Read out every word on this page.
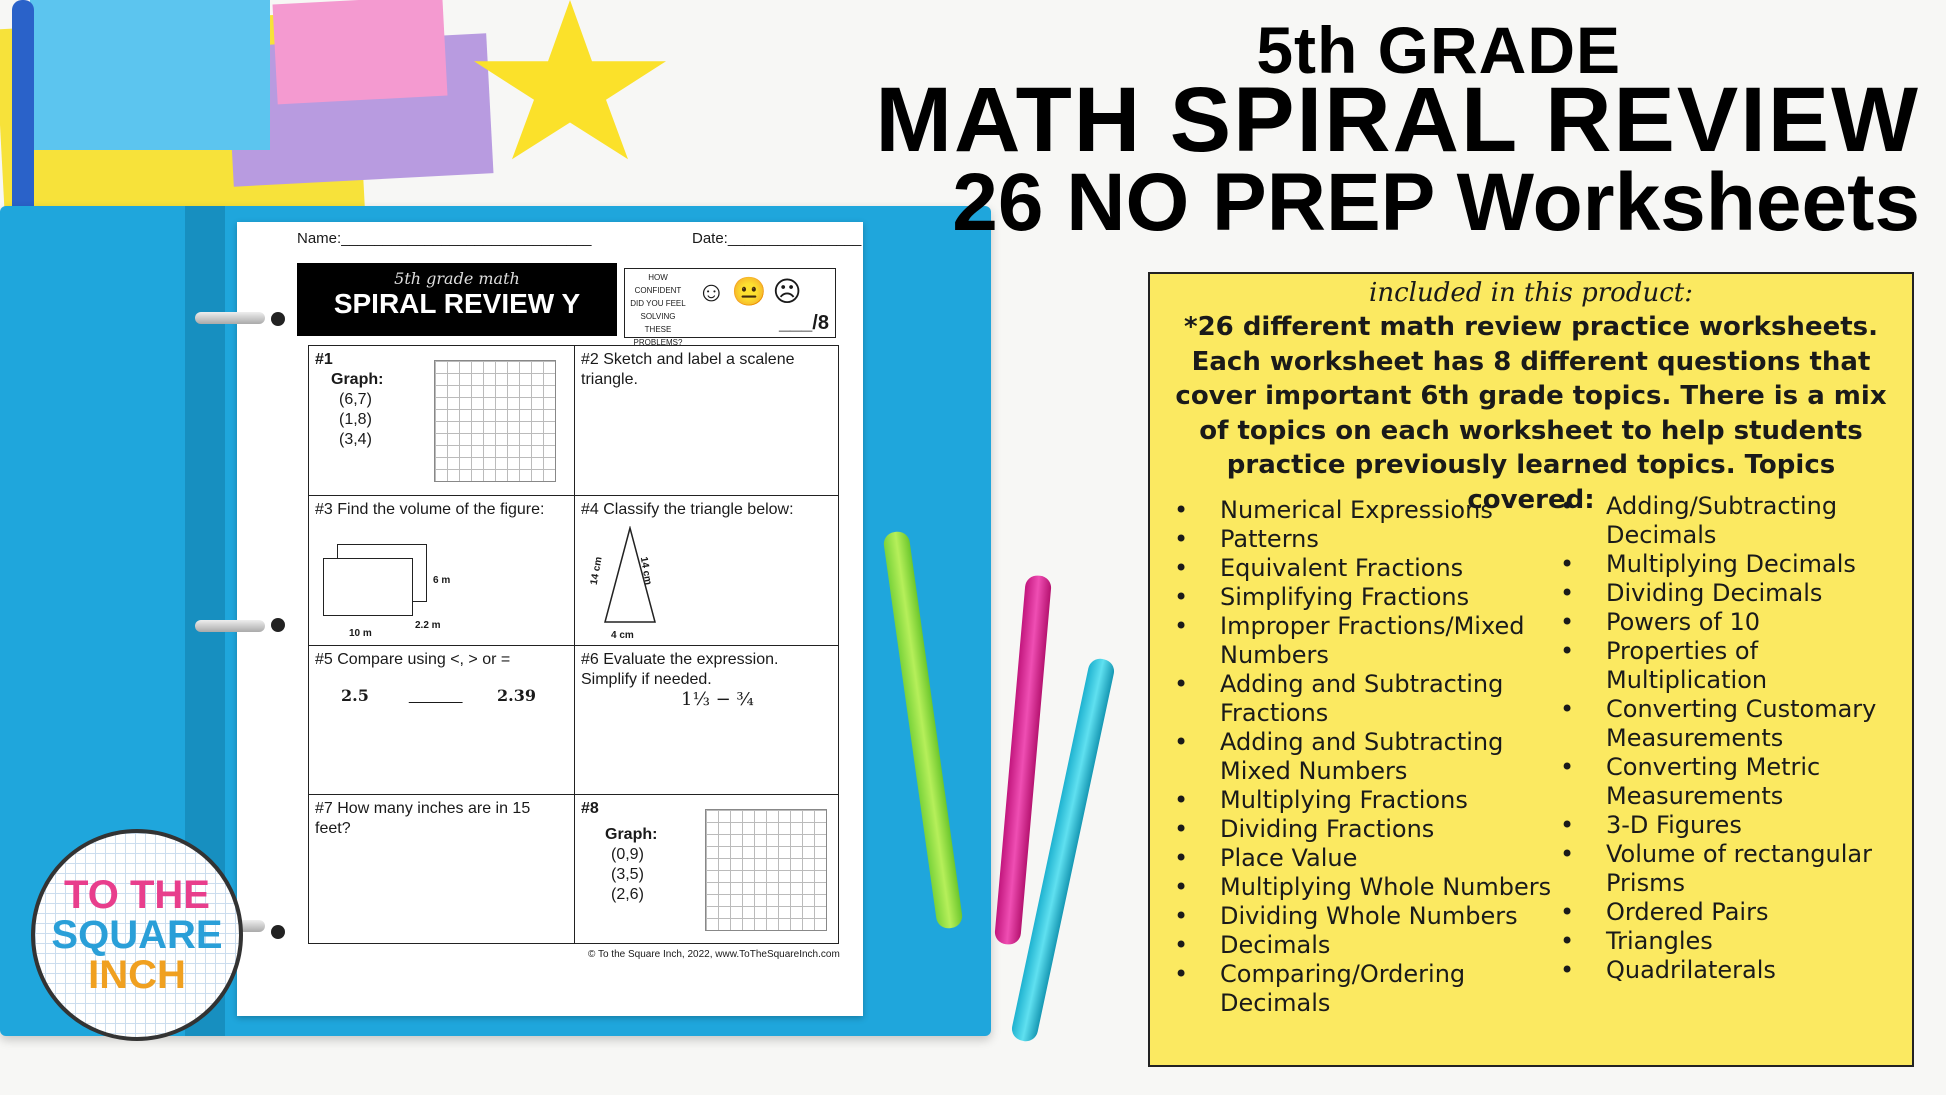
Name:______________________________	Date:________________
5th grade math
SPIRAL REVIEW Y
HOW CONFIDENT DID YOU FEEL SOLVING THESE PROBLEMS?
☺😐☹
___/8
#1
Graph:
(6,7)
(1,8)
(3,4)
#2 Sketch and label a scalene triangle.
#3 Find the volume of the figure:
6 m
2.2 m
10 m
#4 Classify the triangle below:
14 cm	14 cm
4 cm
#5 Compare using <, > or =
2.5	______ 2.39
#6 Evaluate the expression. Simplify if needed.
1⅓ − ¾
#7 How many inches are in 15 feet?
#8
Graph:
(0,9)
(3,5)
(2,6)
© To the Square Inch, 2022, www.ToTheSquareInch.com
TO THE
SQUARE
INCH
5th GRADE
MATH SPIRAL REVIEW
26 NO PREP Worksheets
included in this product:
*26 different math review practice worksheets. Each worksheet has 8 different questions that cover important 6th grade topics. There is a mix of topics on each worksheet to help students practice previously learned topics. Topics covered:
• Numerical Expressions
• Patterns
• Equivalent Fractions
• Simplifying Fractions
• Improper Fractions/Mixed Numbers
• Adding and Subtracting Fractions
• Adding and Subtracting Mixed Numbers
• Multiplying Fractions
• Dividing Fractions
• Place Value
• Multiplying Whole Numbers
• Dividing Whole Numbers
• Decimals
• Comparing/Ordering Decimals
• Adding/Subtracting Decimals
• Multiplying Decimals
• Dividing Decimals
• Powers of 10
• Properties of Multiplication
• Converting Customary Measurements
• Converting Metric Measurements
• 3-D Figures
• Volume of rectangular Prisms
• Ordered Pairs
• Triangles
• Quadrilaterals
